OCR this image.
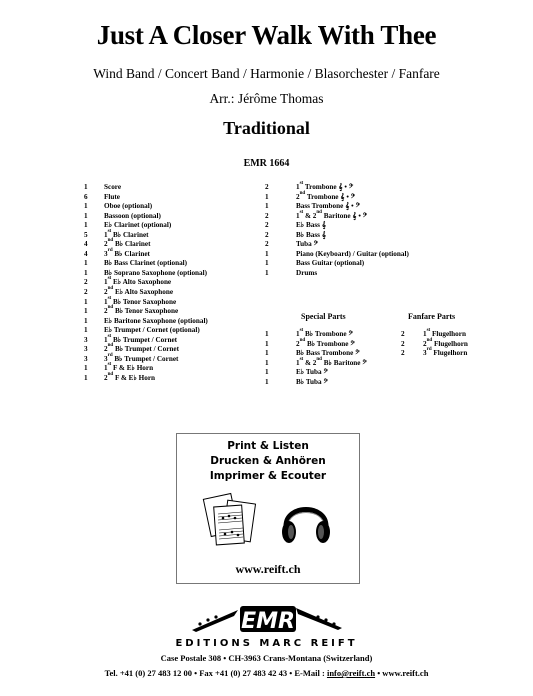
Just A Closer Walk With Thee
Wind Band / Concert Band / Harmonie / Blasorchester / Fanfare
Arr.: Jérôme Thomas
Traditional
EMR 1664
1	Score
6	Flute
1	Oboe (optional)
1	Bassoon (optional)
1	E♭ Clarinet (optional)
5	1st B♭ Clarinet
4	2nd B♭ Clarinet
4	3rd B♭ Clarinet
1	B♭ Bass Clarinet (optional)
1	B♭ Soprano Saxophone (optional)
2	1st E♭ Alto Saxophone
2	2nd E♭ Alto Saxophone
1	1st B♭ Tenor Saxophone
1	2nd B♭ Tenor Saxophone
1	E♭ Baritone Saxophone (optional)
1	E♭ Trumpet / Cornet (optional)
3	1st B♭ Trumpet / Cornet
3	2nd B♭ Trumpet / Cornet
3	3rd B♭ Trumpet / Cornet
1	1st F & E♭ Horn
1	2nd F & E♭ Horn
2	1st Trombone 𝄞 • 𝄢
1	2nd Trombone 𝄞 • 𝄢
1	Bass Trombone 𝄞 • 𝄢
2	1st & 2nd Baritone 𝄞 • 𝄢
2	E♭ Bass 𝄞
2	B♭ Bass 𝄞
2	Tuba 𝄢
1	Piano (Keyboard) / Guitar (optional)
1	Bass Guitar (optional)
1	Drums
Special Parts	Fanfare Parts
1	1st B♭ Trombone 𝄢
1	2nd B♭ Trombone 𝄢
1	B♭ Bass Trombone 𝄢
1	1st & 2nd B♭ Baritone 𝄢
1	E♭ Tuba 𝄢
1	B♭ Tuba 𝄢
2	1st Flugelhorn
2	2nd Flugelhorn
2	3rd Flugelhorn
Print & Listen
Drucken & Anhören
Imprimer & Ecouter
www.reift.ch
EMR
EDITIONS MARC REIFT
Case Postale 308 • CH-3963 Crans-Montana (Switzerland)
Tel. +41 (0) 27 483 12 00 • Fax +41 (0) 27 483 42 43 • E-Mail : info@reift.ch • www.reift.ch
